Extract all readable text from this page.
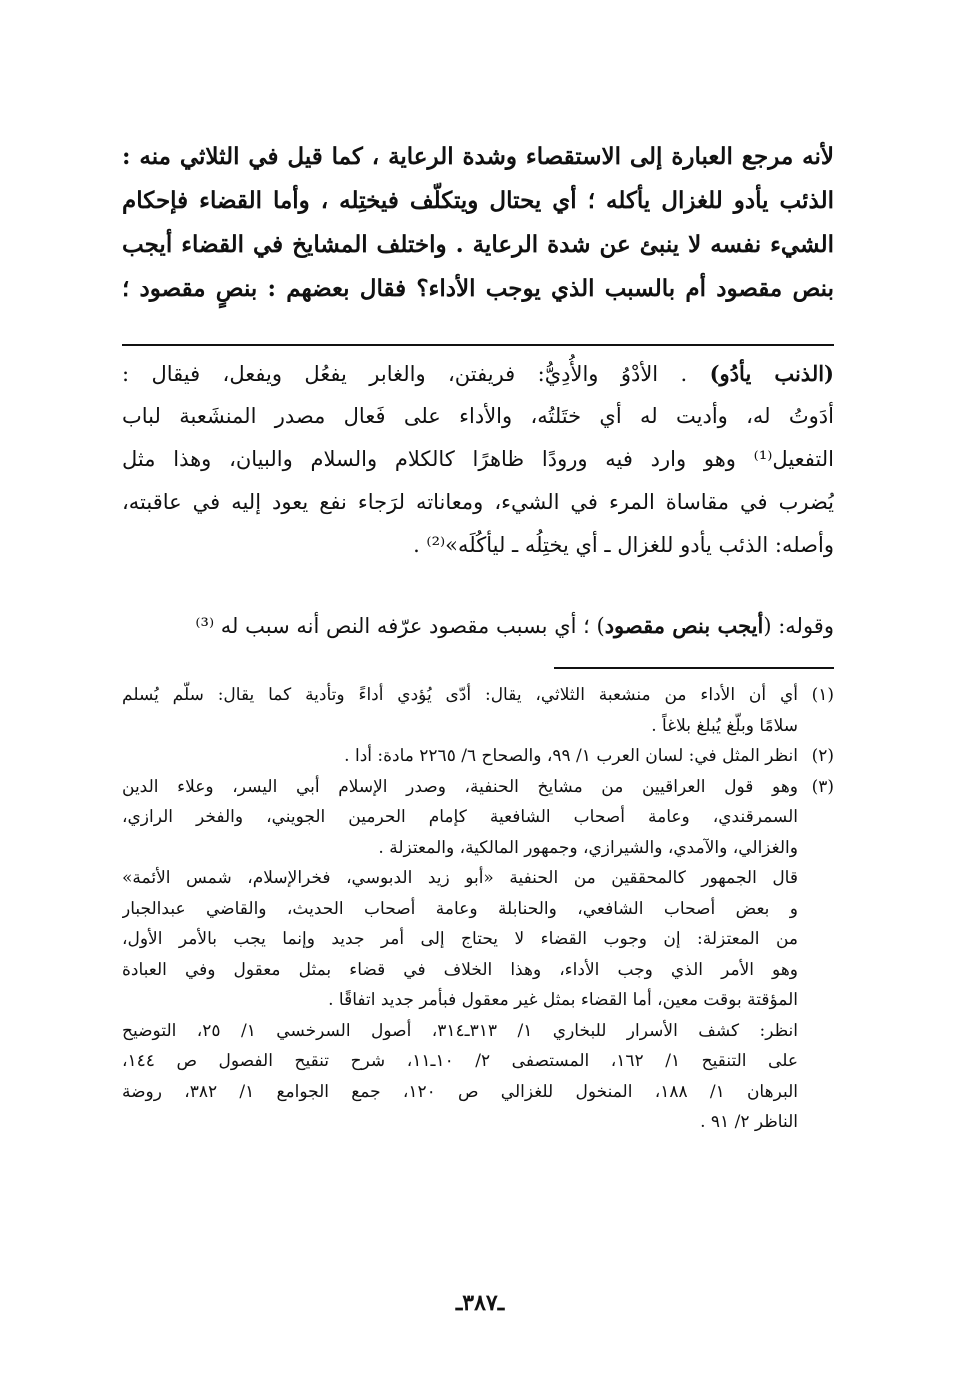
لأنه مرجع العبارة إلى الاستقصاء وشدة الرعاية ، كما قيل في الثلاثي منه :
الذئب يأدو للغزال يأكله ؛ أي يحتال ويتكلّف فيختِله ، وأما القضاء فإحكام
الشيء نفسه لا ينبئ عن شدة الرعاية . واختلف المشايخ في القضاء أيجب
بنص مقصود أم بالسبب الذي يوجب الأداء؟ فقال بعضهم : بنصٍ مقصود ؛
(الذنب يأدُو) . الأدْوُ والأُدِيُّ: فريفتن، والغابر يفعُل ويفعل، فيقال :
أدَوتُ له، وأديت له أي ختَلتُه، والأداء على فَعال مصدر المنشَعبة لباب
التفعيل⁽¹⁾ وهو وارد فيه ورودًا ظاهرًا كالكلام والسلام والبيان، وهذا مثل
يُضرب في مقاساة المرء في الشيء، ومعاناته لرَجاء نفع يعود إليه في عاقبته،
وأصله: الذئب يأدو للغزال ـ أي يختِلُه ـ ليأكُلَه»⁽²⁾ .
وقوله: (أيجب بنص مقصود) ؛ أي بسبب مقصود عرّفه النص أنه سبب له ⁽³⁾
(١)أي أن الأداء من منشعبة الثلاثي، يقال: أدّى يُؤدي أداءً وتأدية كما يقال: سلّم يُسلم
سلامًا وبلّغ يُبلغ بلاغاً .
(٢)انظر المثل في: لسان العرب ١/ ٩٩، والصحاح ٦/ ٢٢٦٥ مادة: أدا .
(٣)وهو قول العراقيين من مشايخ الحنفية، وصدر الإسلام أبي اليسر، وعلاء الدين
السمرقندي، وعامة أصحاب الشافعية كإمام الحرمين الجويني، والفخر الرازي،
والغزالي، والآمدي، والشيرازي، وجمهور المالكية، والمعتزلة .
قال الجمهور كالمحققين من الحنفية «أبو زيد الدبوسي، فخرالإسلام، شمس الأئمة»
و بعض أصحاب الشافعي، والحنابلة وعامة أصحاب الحديث، والقاضي عبدالجبار
من المعتزلة: إن وجوب القضاء لا يحتاج إلى أمر جديد وإنما يجب بالأمر الأول،
وهو الأمر الذي وجب الأداء، وهذا الخلاف في قضاء بمثل معقول وفي العبادة
المؤقتة بوقت معين، أما القضاء بمثل غير معقول فبأمر جديد اتفاقًا .
انظر: كشف الأسرار للبخاري ١/ ٣١٣ـ٣١٤، أصول السرخسي ١/ ٢٥، التوضيح
على التنقيح ١/ ١٦٢، المستصفى ٢/ ١٠ـ١١، شرح تنقيح الفصول ص ١٤٤،
البرهان ١/ ١٨٨، المنخول للغزالي ص ١٢٠، جمع الجوامع ١/ ٣٨٢، روضة
الناظر ٢/ ٩١ .
ـ٣٨٧ـ
